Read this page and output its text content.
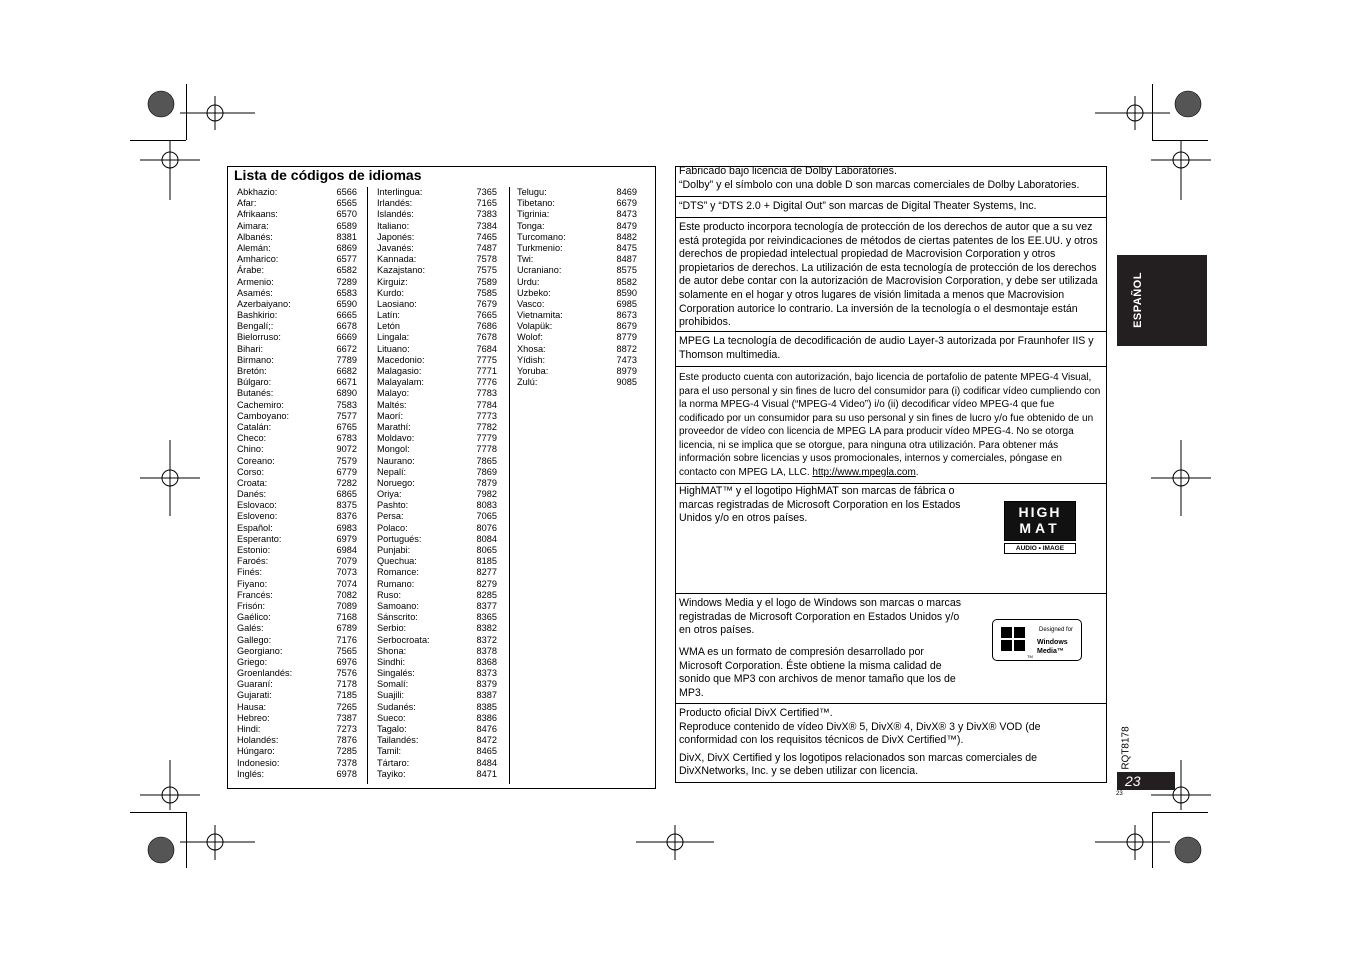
Lista de códigos de idiomas
Abkhazio:	6566
Afar:	6565
Afrikaans:	6570
Aimara:	6589
Albanés:	8381
Alemán:	6869
Amharico:	6577
Árabe:	6582
Armenio:	7289
Asamés:	6583
Azerbaiyano:	6590
Bashkirio:	6665
Bengalí;:	6678
Bielorruso:	6669
Bihari:	6672
Birmano:	7789
Bretón:	6682
Búlgaro:	6671
Butanés:	6890
Cachemiro:	7583
Camboyano:	7577
Catalán:	6765
Checo:	6783
Chino:	9072
Coreano:	7579
Corso:	6779
Croata:	7282
Danés:	6865
Eslovaco:	8375
Esloveno:	8376
Español:	6983
Esperanto:	6979
Estonio:	6984
Faroés:	7079
Finés:	7073
Fiyano:	7074
Francés:	7082
Frisón:	7089
Gaélico:	7168
Galés:	6789
Gallego:	7176
Georgiano:	7565
Griego:	6976
Groenlandés:	7576
Guaraní:	7178
Gujarati:	7185
Hausa:	7265
Hebreo:	7387
Hindi:	7273
Holandés:	7876
Húngaro:	7285
Indonesio:	7378
Inglés:	6978
Interlingua:	7365
Irlandés:	7165
Islandés:	7383
Italiano:	7384
Japonés:	7465
Javanés:	7487
Kannada:	7578
Kazajstano:	7575
Kirguiz:	7589
Kurdo:	7585
Laosiano:	7679
Latín:	7665
Letón	7686
Lingala:	7678
Lituano:	7684
Macedonio:	7775
Malagasio:	7771
Malayalam:	7776
Malayo:	7783
Maltés:	7784
Maorí:	7773
Marathí:	7782
Moldavo:	7779
Mongol:	7778
Naurano:	7865
Nepalí:	7869
Noruego:	7879
Oriya:	7982
Pashto:	8083
Persa:	7065
Polaco:	8076
Portugués:	8084
Punjabi:	8065
Quechua:	8185
Romance:	8277
Rumano:	8279
Ruso:	8285
Samoano:	8377
Sánscrito:	8365
Serbio:	8382
Serbocroata:	8372
Shona:	8378
Sindhi:	8368
Singalés:	8373
Somalí:	8379
Suajili:	8387
Sudanés:	8385
Sueco:	8386
Tagalo:	8476
Tailandés:	8472
Tamil:	8465
Tártaro:	8484
Tayiko:	8471
Telugu:	8469
Tibetano:	6679
Tigrinia:	8473
Tonga:	8479
Turcomano:	8482
Turkmenio:	8475
Twi:	8487
Ucraniano:	8575
Urdu:	8582
Uzbeko:	8590
Vasco:	6985
Vietnamita:	8673
Volapük:	8679
Wolof:	8779
Xhosa:	8872
Yídish:	7473
Yoruba:	8979
Zulú:	9085
Fabricado bajo licencia de Dolby Laboratories.
“Dolby” y el símbolo con una doble D son marcas comerciales de Dolby Laboratories.
“DTS” y “DTS 2.0 + Digital Out” son marcas de Digital Theater Systems, Inc.
Este producto incorpora tecnología de protección de los derechos de autor que a su vez está protegida por reivindicaciones de métodos de ciertas patentes de los EE.UU. y otros derechos de propiedad intelectual propiedad de Macrovision Corporation y otros propietarios de derechos. La utilización de esta tecnología de protección de los derechos de autor debe contar con la autorización de Macrovision Corporation, y debe ser utilizada solamente en el hogar y otros lugares de visión limitada a menos que Macrovision Corporation autorice lo contrario. La inversión de la tecnología o el desmontaje están prohibidos.
MPEG La tecnología de decodificación de audio Layer-3 autorizada por Fraunhofer IIS y Thomson multimedia.
Este producto cuenta con autorización, bajo licencia de portafolio de patente MPEG-4 Visual, para el uso personal y sin fines de lucro del consumidor para (i) codificar vídeo cumpliendo con la norma MPEG-4 Visual (“MPEG-4 Video”) i/o (ii) decodificar vídeo MPEG-4 que fue codificado por un consumidor para su uso personal y sin fines de lucro y/o fue obtenido de un proveedor de vídeo con licencia de MPEG LA para producir vídeo MPEG-4. No se otorga licencia, ni se implica que se otorgue, para ninguna otra utilización. Para obtener más información sobre licencias y usos promocionales, internos y comerciales, póngase en contacto con MPEG LA, LLC. http://www.mpegla.com.
HighMAT™ y el logotipo HighMAT son marcas de fábrica o marcas registradas de Microsoft Corporation en los Estados Unidos y/o en otros países.	HIGH
MAT
AUDIO • IMAGE
Windows Media y el logo de Windows son marcas o marcas registradas de Microsoft Corporation en Estados Unidos y/o en otros países.
WMA es un formato de compresión desarrollado por Microsoft Corporation. Éste obtiene la misma calidad de sonido que MP3 con archivos de menor tamaño que los de MP3.
TM
Designed for
Windows
Media™
Producto oficial DivX Certified™.
Reproduce contenido de vídeo DivX® 5, DivX® 4, DivX® 3 y DivX® VOD (de conformidad con los requisitos técnicos de DivX Certified™).
DivX, DivX Certified y los logotipos relacionados son marcas comerciales de DivXNetworks, Inc. y se deben utilizar con licencia.
ESPAÑOL
RQT8178
23
23
